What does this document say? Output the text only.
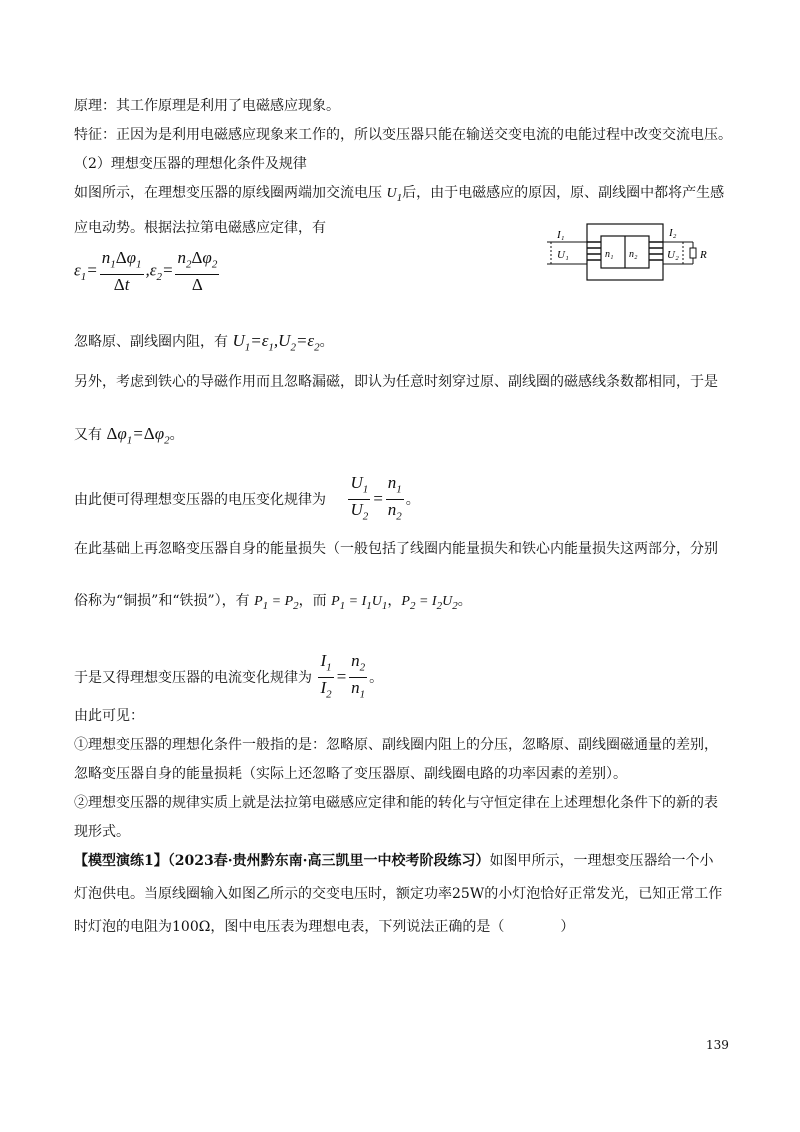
原理：其工作原理是利用了电磁感应现象。
特征：正因为是利用电磁感应现象来工作的，所以变压器只能在输送交变电流的电能过程中改变交流电压。
（2）理想变压器的理想化条件及规律
如图所示，在理想变压器的原线圈两端加交流电压 $U_1$后，由于电磁感应的原因，原、副线圈中都将产生感
应电动势。根据法拉第电磁感应定律，有
$\varepsilon_1= \frac{n_1\Delta\varphi_1}{\Delta t} ,\varepsilon_2= \frac{n_2\Delta\varphi_2}{\Delta}$
I₁
U₁	n₁ n₂
I₂
U₂ R
忽略原、副线圈内阻，有 $U_1=\varepsilon_1,U_2=\varepsilon_2$。
另外，考虑到铁心的导磁作用而且忽略漏磁，即认为任意时刻穿过原、副线圈的磁感线条数都相同，于是
又有 $\Delta\varphi_1=\Delta\varphi_2$。
由此便可得理想变压器的电压变化规律为 $\frac{U_1}{U_2} = \frac{n_1}{n_2}$ 。
在此基础上再忽略变压器自身的能量损失（一般包括了线圈内能量损失和铁心内能量损失这两部分，分别
俗称为“铜损”和“铁损”），有 $P_1 = P_2$，而 $P_1 = I_1U_1$，$P_2 = I_2U_2$。
于是又得理想变压器的电流变化规律为 $\frac{I_1}{I_2} = \frac{n_2}{n_1}$ 。
由此可见：
①理想变压器的理想化条件一般指的是：忽略原、副线圈内阻上的分压，忽略原、副线圈磁通量的差别，
忽略变压器自身的能量损耗（实际上还忽略了变压器原、副线圈电路的功率因素的差别）。
②理想变压器的规律实质上就是法拉第电磁感应定律和能的转化与守恒定律在上述理想化条件下的新的表
现形式。
【模型演练1】（2023春·贵州黔东南·高三凯里一中校考阶段练习）如图甲所示，一理想变压器给一个小
灯泡供电。当原线圈输入如图乙所示的交变电压时，额定功率25W的小灯泡恰好正常发光，已知正常工作
时灯泡的电阻为100Ω，图中电压表为理想电表，下列说法正确的是（　　　　）
139
